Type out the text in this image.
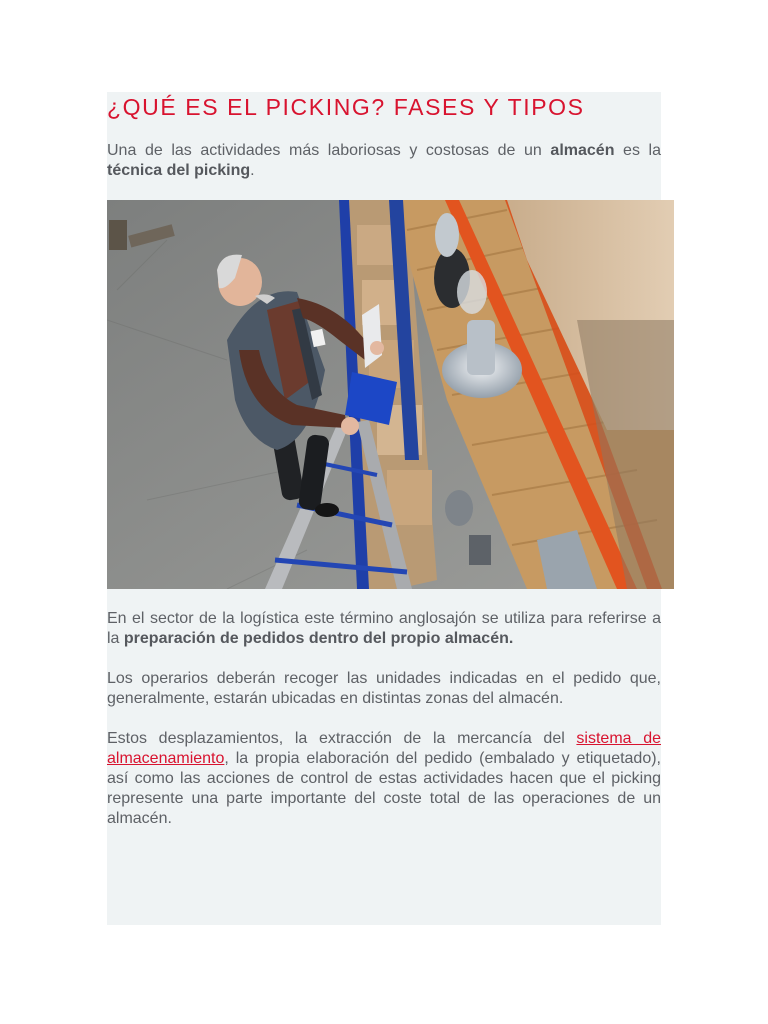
¿QUÉ ES EL PICKING? FASES Y TIPOS

Una de las actividades más laboriosas y costosas de un almacén es la técnica del picking.

En el sector de la logística este término anglosajón se utiliza para referirse a la preparación de pedidos dentro del propio almacén.

Los operarios deberán recoger las unidades indicadas en el pedido que, generalmente, estarán ubicadas en distintas zonas del almacén.

Estos desplazamientos, la extracción de la mercancía del sistema de almacenamiento, la propia elaboración del pedido (embalado y etiquetado), así como las acciones de control de estas actividades hacen que el picking represente una parte importante del coste total de las operaciones de un almacén.
